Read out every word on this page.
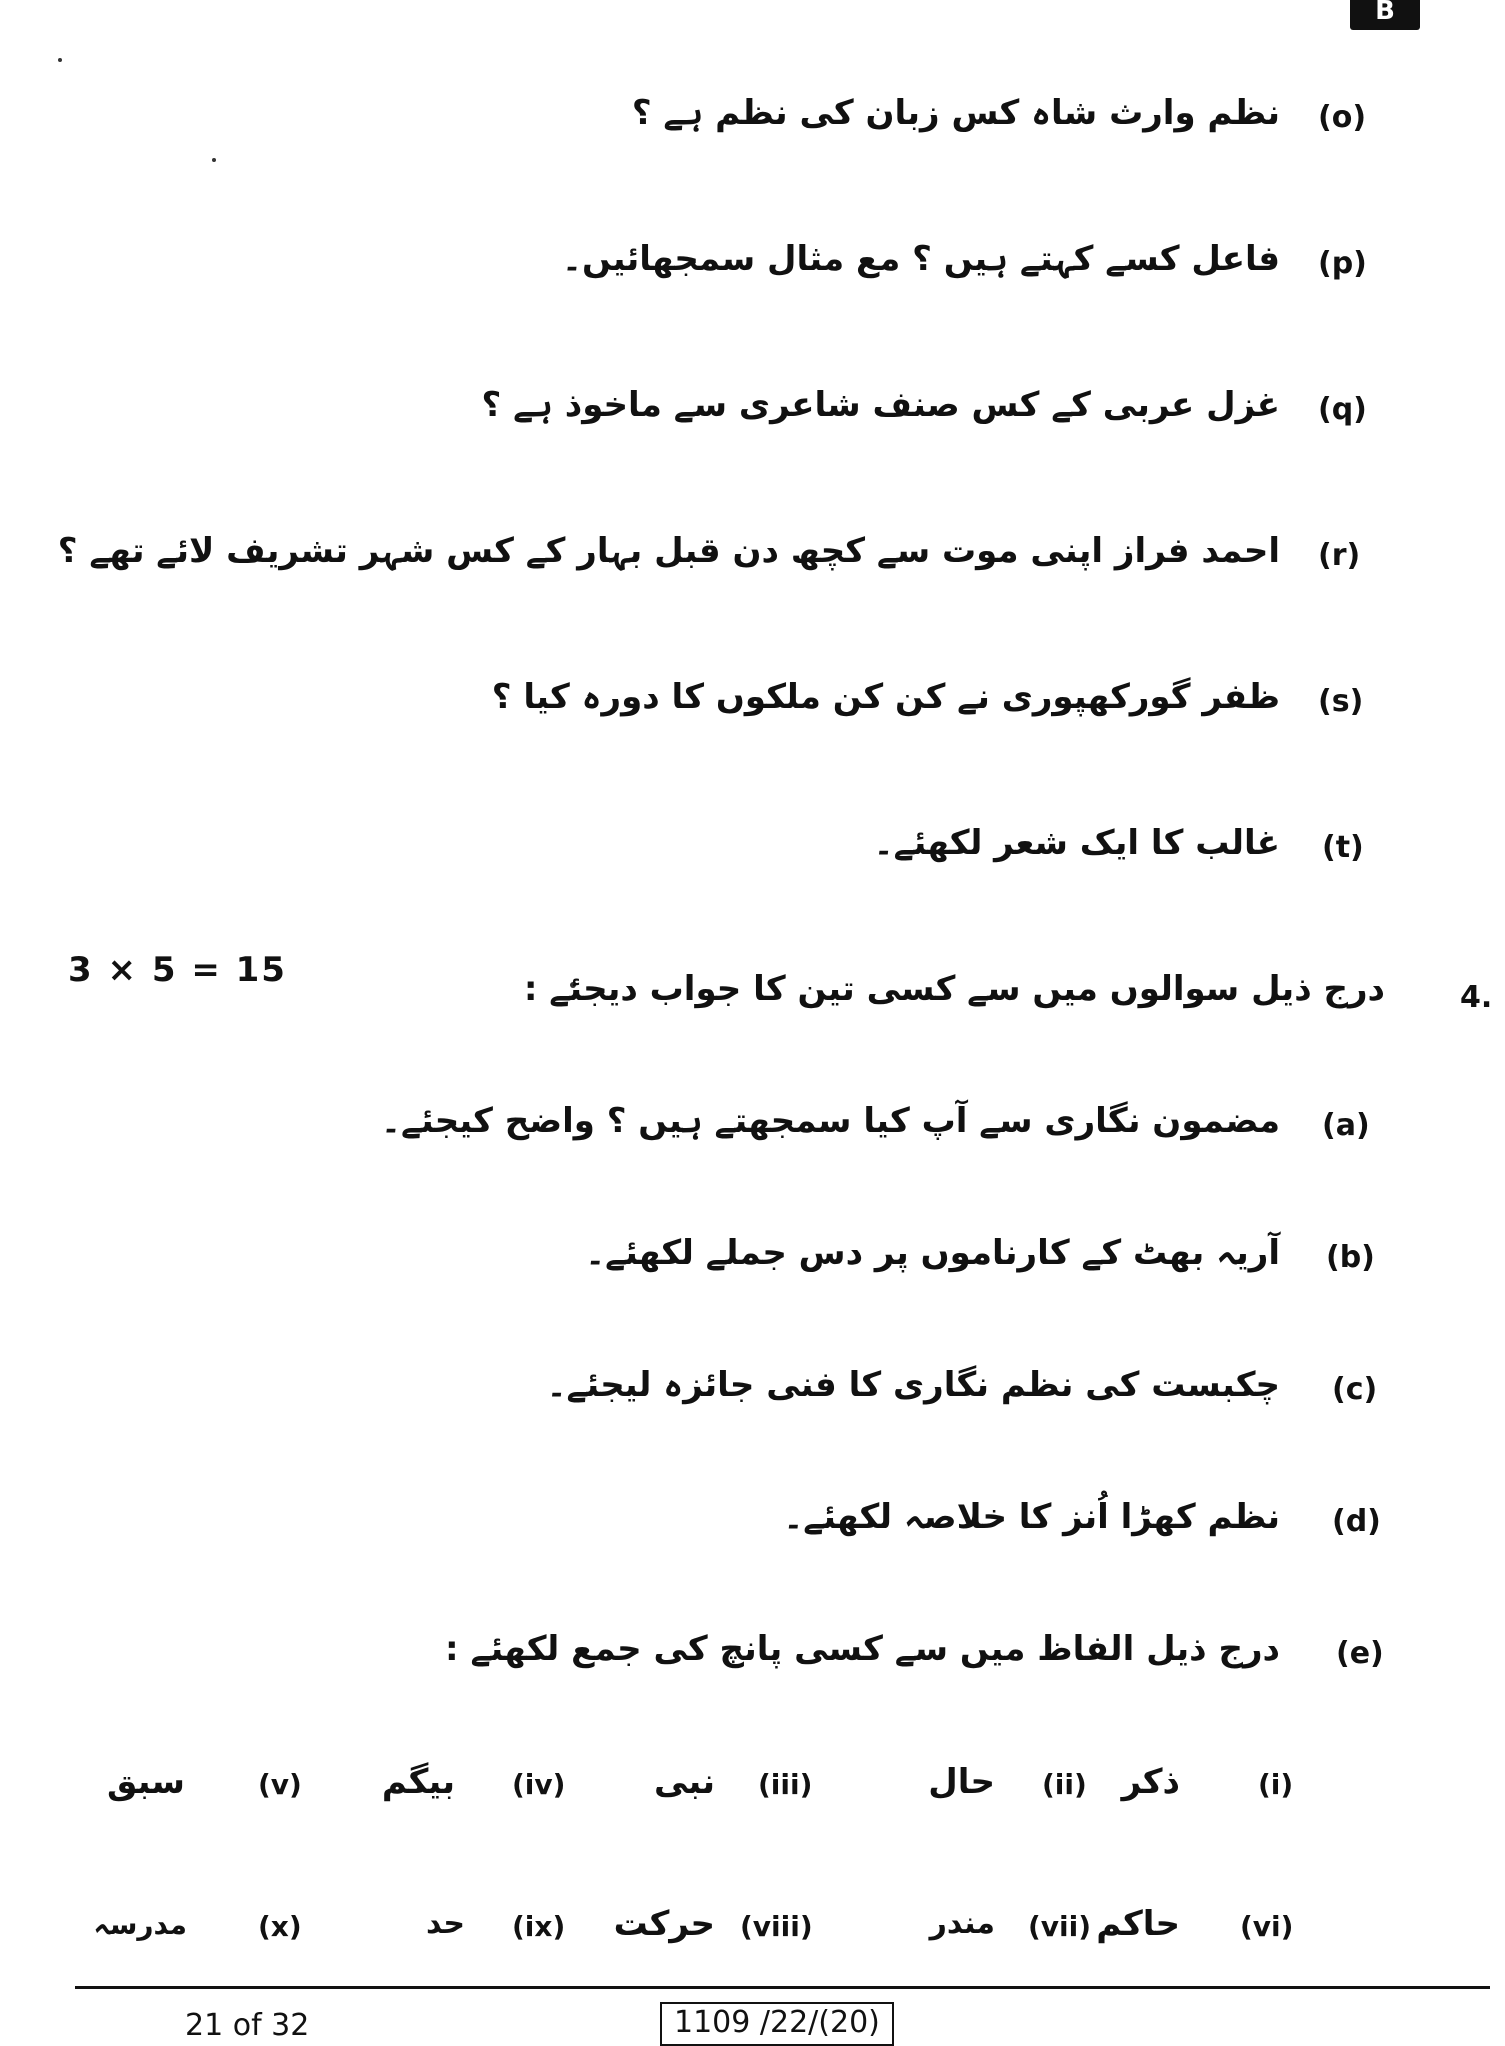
B
(o)
نظم وارث شاہ کس زبان کی نظم ہے ؟
(p)
فاعل کسے کہتے ہیں ؟ مع مثال سمجھائیں۔
(q)
غزل عربی کے کس صنف شاعری سے ماخوذ ہے ؟
(r)
احمد فراز اپنی موت سے کچھ دن قبل بہار کے کس شہر تشریف لائے تھے ؟
(s)
ظفر گورکھپوری نے کن کن ملکوں کا دورہ کیا ؟
(t)
غالب کا ایک شعر لکھئے۔
3 × 5 = 15
4.
درج ذیل سوالوں میں سے کسی تین کا جواب دیجئے :
(a)
مضمون نگاری سے آپ کیا سمجھتے ہیں ؟ واضح کیجئے۔
(b)
آریہ بھٹ کے کارناموں پر دس جملے لکھئے۔
(c)
چکبست کی نظم نگاری کا فنی جائزہ لیجئے۔
(d)
نظم کھڑا اُنز کا خلاصہ لکھئے۔
(e)
درج ذیل الفاظ میں سے کسی پانچ کی جمع لکھئے :
(i)
ذکر
(ii)
حال
(iii)
نبی
(iv)
بیگم
(v)
سبق
(vi)
حاکم
(vii)
مندر
(viii)
حرکت
(ix)
حد
(x)
مدرسہ
21 of 32	1109 /22/(20)
